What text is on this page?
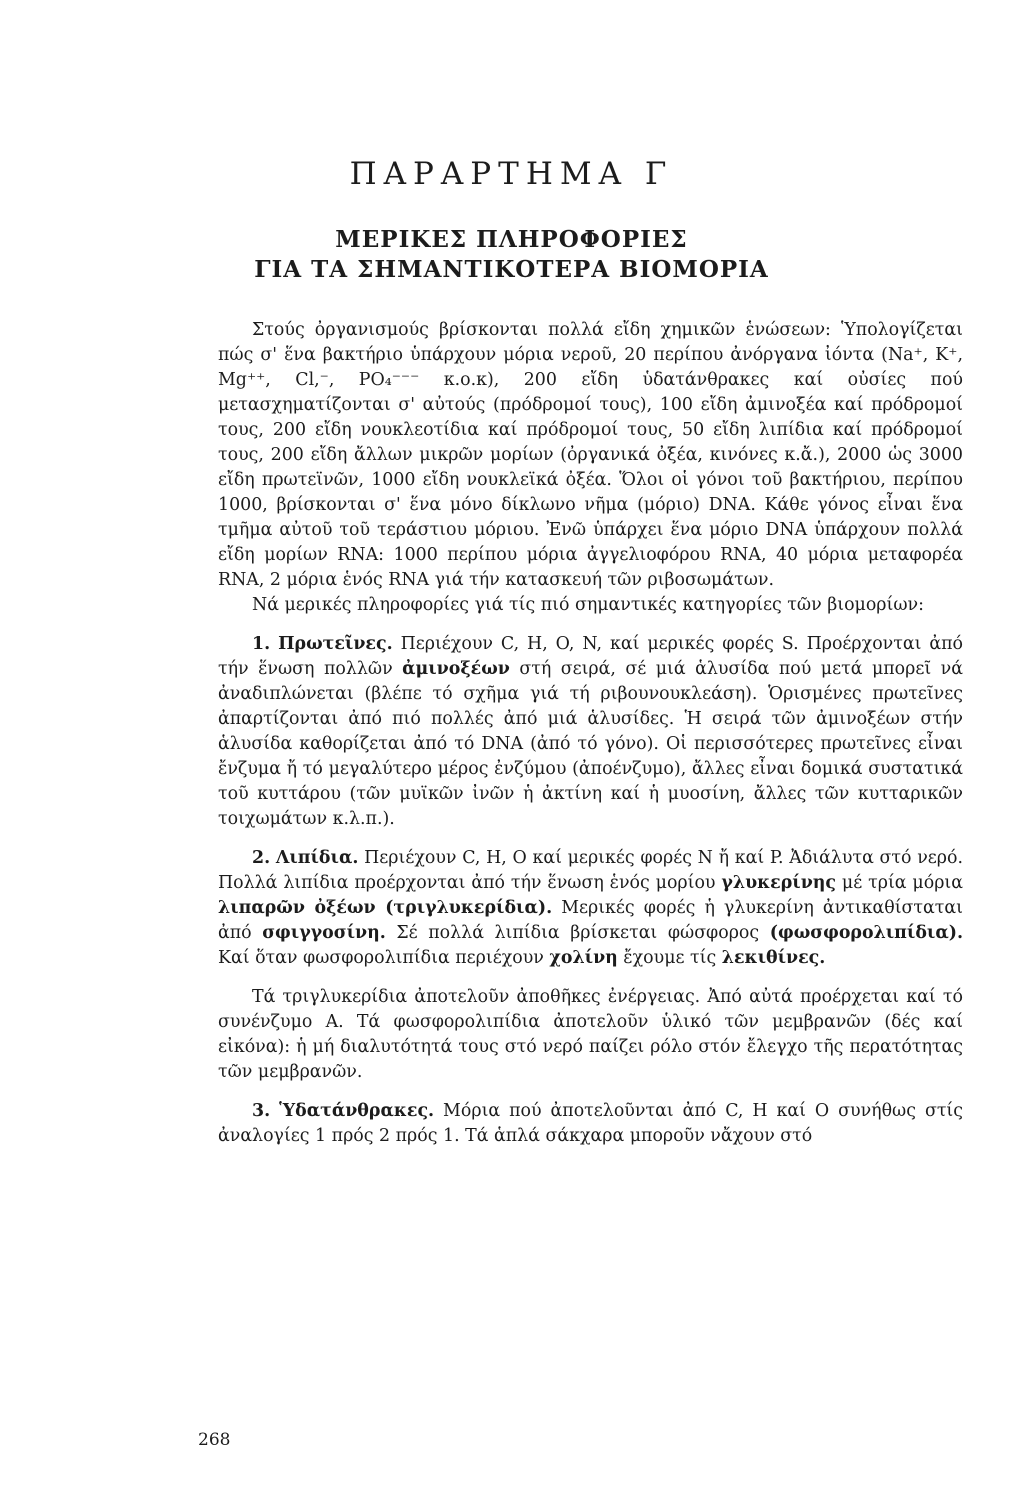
ΠΑΡΑΡΤΗΜΑ Γ
ΜΕΡΙΚΕΣ ΠΛΗΡΟΦΟΡΙΕΣ
ΓΙΑ ΤΑ ΣΗΜΑΝΤΙΚΟΤΕΡΑ ΒΙΟΜΟΡΙΑ

Στούς ὀργανισμούς βρίσκονται πολλά εἴδη χημικῶν ἑνώσεων: Ὑπολογίζεται πώς σ' ἕνα βακτήριο ὑπάρχουν μόρια νεροῦ, 20 περίπου ἀνόργανα ἰόντα (Na⁺, K⁺, Mg⁺⁺, Cl,⁻, PO₄⁻⁻⁻ κ.ο.κ), 200 εἴδη ὑδατάνθρακες καί οὐσίες πού μετασχηματίζονται σ' αὐτούς (πρόδρομοί τους), 100 εἴδη ἀμινοξέα καί πρόδρομοί τους, 200 εἴδη νουκλεοτίδια καί πρόδρομοί τους, 50 εἴδη λιπίδια καί πρόδρομοί τους, 200 εἴδη ἄλλων μικρῶν μορίων (ὀργανικά ὀξέα, κινόνες κ.ἄ.), 2000 ὡς 3000 εἴδη πρωτεϊνῶν, 1000 εἴδη νουκλεϊκά ὀξέα. Ὅλοι οἱ γόνοι τοῦ βακτήριου, περίπου 1000, βρίσκονται σ' ἕνα μόνο δίκλωνο νῆμα (μόριο) DNA. Κάθε γόνος εἶναι ἕνα τμῆμα αὐτοῦ τοῦ τεράστιου μόριου. Ἐνῶ ὑπάρχει ἕνα μόριο DNA ὑπάρχουν πολλά εἴδη μορίων RNA: 1000 περίπου μόρια ἀγγελιοφόρου RNA, 40 μόρια μεταφορέα RNA, 2 μόρια ἑνός RNA γιά τήν κατασκευή τῶν ριβοσωμάτων.

Νά μερικές πληροφορίες γιά τίς πιό σημαντικές κατηγορίες τῶν βιομορίων:

1. Πρωτεῖνες. Περιέχουν C, H, O, N, καί μερικές φορές S. Προέρχονται ἀπό τήν ἕνωση πολλῶν ἀμινοξέων στή σειρά, σέ μιά ἁλυσίδα πού μετά μπορεῖ νά ἀναδιπλώνεται (βλέπε τό σχῆμα γιά τή ριβουνουκλεάση). Ὁρισμένες πρωτεῖνες ἀπαρτίζονται ἀπό πιό πολλές ἀπό μιά ἁλυσίδες. Ἡ σειρά τῶν ἀμινοξέων στήν ἁλυσίδα καθορίζεται ἀπό τό DNA (ἀπό τό γόνο). Οἱ περισσότερες πρωτεῖνες εἶναι ἔνζυμα ἤ τό μεγαλύτερο μέρος ἐνζύμου (ἀποένζυμο), ἄλλες εἶναι δομικά συστατικά τοῦ κυττάρου (τῶν μυϊκῶν ἰνῶν ἡ ἀκτίνη καί ἡ μυοσίνη, ἄλλες τῶν κυτταρικῶν τοιχωμάτων κ.λ.π.).

2. Λιπίδια. Περιέχουν C, H, O καί μερικές φορές N ἤ καί P. Ἀδιάλυτα στό νερό. Πολλά λιπίδια προέρχονται ἀπό τήν ἕνωση ἑνός μορίου γλυκερίνης μέ τρία μόρια λιπαρῶν ὀξέων (τριγλυκερίδια). Μερικές φορές ἡ γλυκερίνη ἀντικαθίσταται ἀπό σφιγγοσίνη. Σέ πολλά λιπίδια βρίσκεται φώσφορος (φωσφορολιπίδια). Καί ὅταν φωσφορολιπίδια περιέχουν χολίνη ἔχουμε τίς λεκιθίνες.

Τά τριγλυκερίδια ἀποτελοῦν ἀποθῆκες ἐνέργειας. Ἀπό αὐτά προέρχεται καί τό συνένζυμο A. Τά φωσφορολιπίδια ἀποτελοῦν ὑλικό τῶν μεμβρανῶν (δές καί εἰκόνα): ἡ μή διαλυτότητά τους στό νερό παίζει ρόλο στόν ἔλεγχο τῆς περατότητας τῶν μεμβρανῶν.

3. Ὑδατάνθρακες. Μόρια πού ἀποτελοῦνται ἀπό C, H καί O συνήθως στίς ἀναλογίες 1 πρός 2 πρός 1. Τά ἁπλά σάκχαρα μποροῦν νἄχουν στό

268
